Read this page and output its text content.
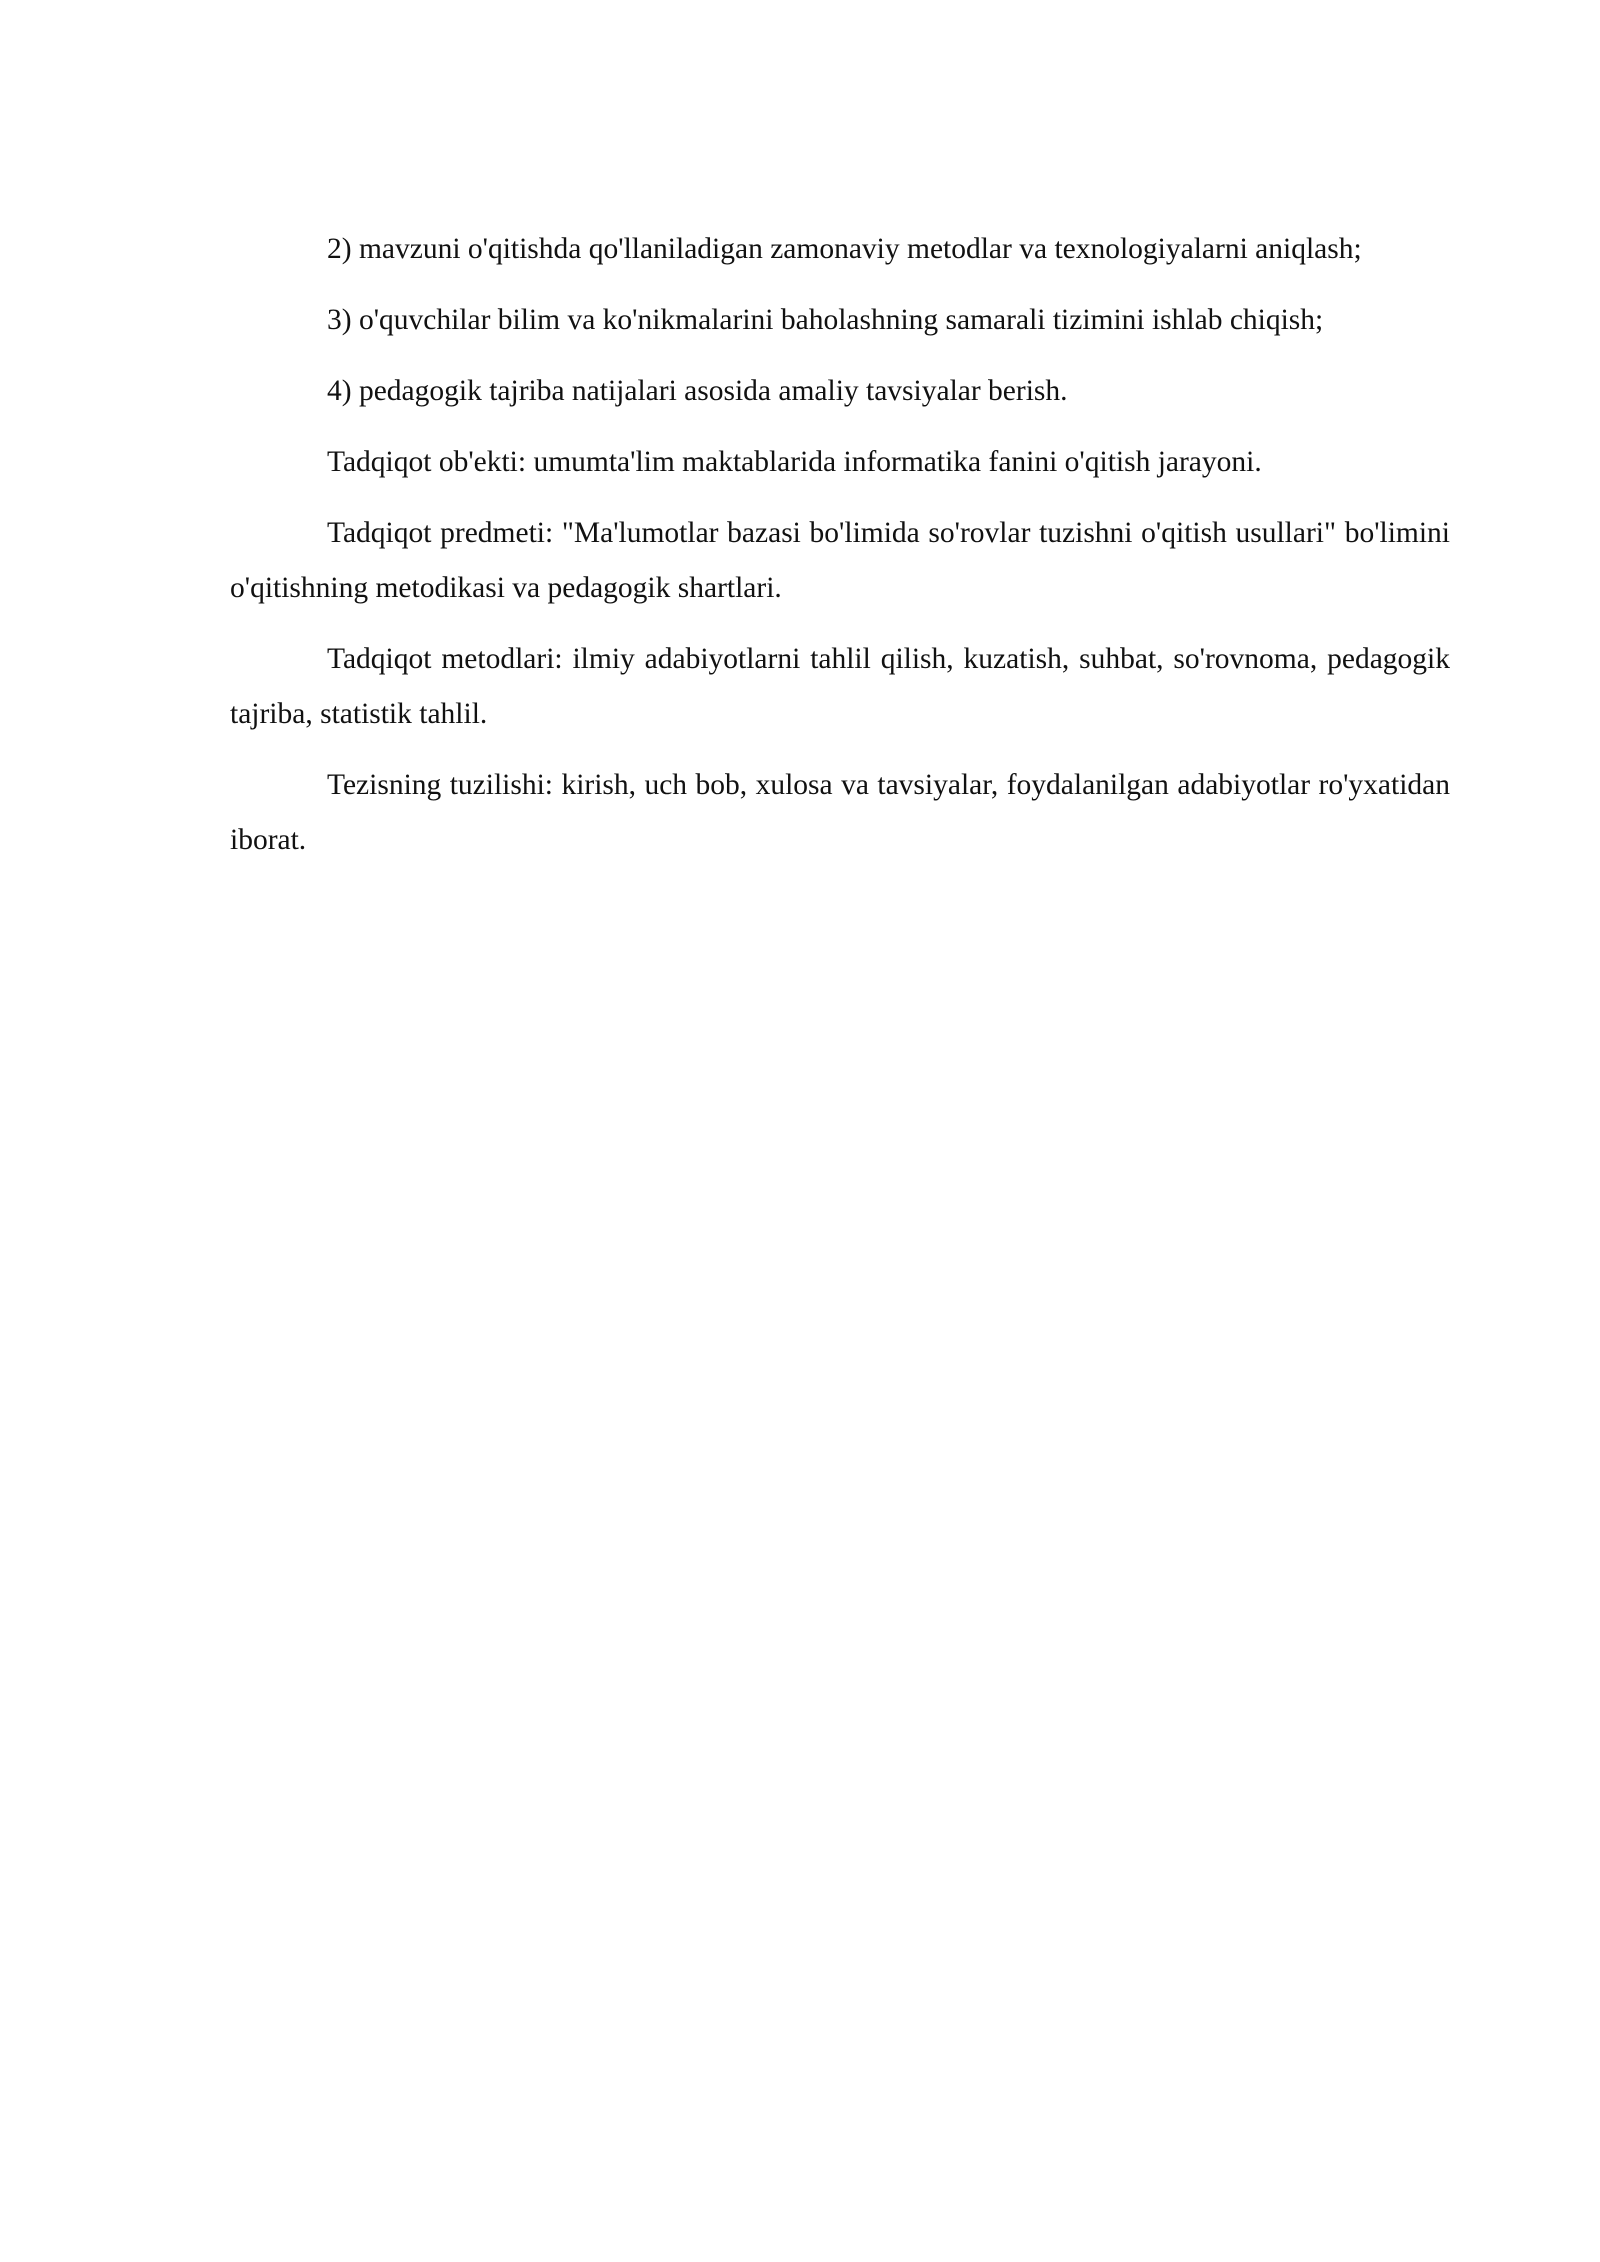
2) mavzuni o'qitishda qo'llaniladigan zamonaviy metodlar va texnologiyalarni aniqlash;

3) o'quvchilar bilim va ko'nikmalarini baholashning samarali tizimini ishlab chiqish;

4) pedagogik tajriba natijalari asosida amaliy tavsiyalar berish.

Tadqiqot ob'ekti: umumta'lim maktablarida informatika fanini o'qitish jarayoni.

Tadqiqot predmeti: "Ma'lumotlar bazasi bo'limida so'rovlar tuzishni o'qitish usullari" bo'limini o'qitishning metodikasi va pedagogik shartlari.

Tadqiqot metodlari: ilmiy adabiyotlarni tahlil qilish, kuzatish, suhbat, so'rovnoma, pedagogik tajriba, statistik tahlil.

Tezisning tuzilishi: kirish, uch bob, xulosa va tavsiyalar, foydalanilgan adabiyotlar ro'yxatidan iborat.
